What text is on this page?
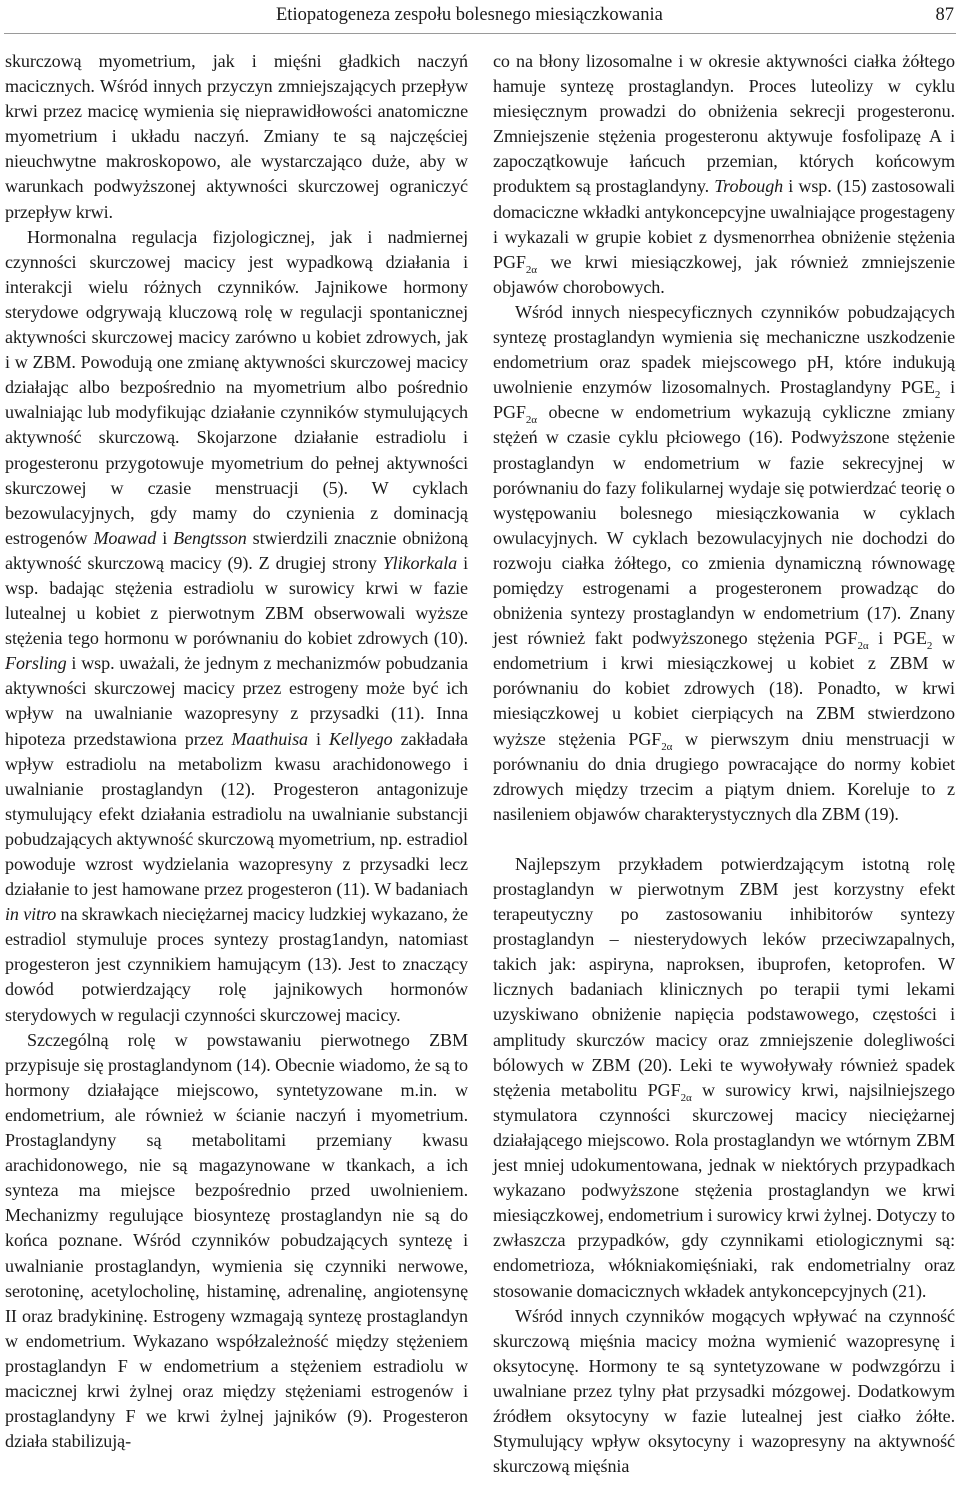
Etiopatogeneza zespołu bolesnego miesiączkowania	87

skurczową myometrium, jak i mięśni gładkich naczyń macicznych. Wśród innych przyczyn zmniejszających przepływ krwi przez macicę wymienia się nieprawidłowości anatomiczne myometrium i układu naczyń. Zmiany te są najczęściej nieuchwytne makroskopowo, ale wystarczająco duże, aby w warunkach podwyższonej aktywności skurczowej ograniczyć przepływ krwi.

Hormonalna regulacja fizjologicznej, jak i nadmiernej czynności skurczowej macicy jest wypadkową działania i interakcji wielu różnych czynników. Jajnikowe hormony sterydowe odgrywają kluczową rolę w regulacji spontanicznej aktywności skurczowej macicy zarówno u kobiet zdrowych, jak i w ZBM. Powodują one zmianę aktywności skurczowej macicy działając albo bezpośrednio na myometrium albo pośrednio uwalniając lub modyfikując działanie czynników stymulujących aktywność skurczową. Skojarzone działanie estradiolu i progesteronu przygotowuje myometrium do pełnej aktywności skurczowej w czasie menstruacji (5). W cyklach bezowulacyjnych, gdy mamy do czynienia z dominacją estrogenów Moawad i Bengtsson stwierdzili znacznie obniżoną aktywność skurczową macicy (9). Z drugiej strony Ylikorkala i wsp. badając stężenia estradiolu w surowicy krwi w fazie lutealnej u kobiet z pierwotnym ZBM obserwowali wyższe stężenia tego hormonu w porównaniu do kobiet zdrowych (10). Forsling i wsp. uważali, że jednym z mechanizmów pobudzania aktywności skurczowej macicy przez estrogeny może być ich wpływ na uwalnianie wazopresyny z przysadki (11). Inna hipoteza przedstawiona przez Maathuisa i Kellyego zakładała wpływ estradiolu na metabolizm kwasu arachidonowego i uwalnianie prostaglandyn (12). Progesteron antagonizuje stymulujący efekt działania estradiolu na uwalnianie substancji pobudzających aktywność skurczową myometrium, np. estradiol powoduje wzrost wydzielania wazopresyny z przysadki lecz działanie to jest hamowane przez progesteron (11). W badaniach in vitro na skrawkach nieciężarnej macicy ludzkiej wykazano, że estradiol stymuluje proces syntezy prostag1andyn, natomiast progesteron jest czynnikiem hamującym (13). Jest to znaczący dowód potwierdzający rolę jajnikowych hormonów sterydowych w regulacji czynności skurczowej macicy.

Szczególną rolę w powstawaniu pierwotnego ZBM przypisuje się prostaglandynom (14). Obecnie wiadomo, że są to hormony działające miejscowo, syntetyzowane m.in. w endometrium, ale również w ścianie naczyń i myometrium. Prostaglandyny są metabolitami przemiany kwasu arachidonowego, nie są magazynowane w tkankach, a ich synteza ma miejsce bezpośrednio przed uwolnieniem. Mechanizmy regulujące biosyntezę prostaglandyn nie są do końca poznane. Wśród czynników pobudzających syntezę i uwalnianie prostaglandyn, wymienia się czynniki nerwowe, serotoninę, acetylocholinę, histaminę, adrenalinę, angiotensynę II oraz bradykininę. Estrogeny wzmagają syntezę prostaglandyn w endometrium. Wykazano współzależność między stężeniem prostaglandyn F w endometrium a stężeniem estradiolu w macicznej krwi żylnej oraz między stężeniami estrogenów i prostaglandyny F we krwi żylnej jajników (9). Progesteron działa stabilizują-

co na błony lizosomalne i w okresie aktywności ciałka żółtego hamuje syntezę prostaglandyn. Proces luteolizy w cyklu miesięcznym prowadzi do obniżenia sekrecji progesteronu. Zmniejszenie stężenia progesteronu aktywuje fosfolipazę A i zapoczątkowuje łańcuch przemian, których końcowym produktem są prostaglandyny. Trobough i wsp. (15) zastosowali domaciczne wkładki antykoncepcyjne uwalniające progestageny i wykazali w grupie kobiet z dysmenorrhea obniżenie stężenia $PGF_{2\alpha}$ we krwi miesiączkowej, jak również zmniejszenie objawów chorobowych.

Wśród innych niespecyficznych czynników pobudzających syntezę prostaglandyn wymienia się mechaniczne uszkodzenie endometrium oraz spadek miejscowego pH, które indukują uwolnienie enzymów lizosomalnych. Prostaglandyny $PGE_2$ i $PGF_{2\alpha}$ obecne w endometrium wykazują cykliczne zmiany stężeń w czasie cyklu płciowego (16). Podwyższone stężenie prostaglandyn w endometrium w fazie sekrecyjnej w porównaniu do fazy folikularnej wydaje się potwierdzać teorię o występowaniu bolesnego miesiączkowania w cyklach owulacyjnych. W cyklach bezowulacyjnych nie dochodzi do rozwoju ciałka żółtego, co zmienia dynamiczną równowagę pomiędzy estrogenami a progesteronem prowadząc do obniżenia syntezy prostaglandyn w endometrium (17). Znany jest również fakt podwyższonego stężenia $PGF_{2\alpha}$ i $PGE_2$ w endometrium i krwi miesiączkowej u kobiet z ZBM w porównaniu do kobiet zdrowych (18). Ponadto, w krwi miesiączkowej u kobiet cierpiących na ZBM stwierdzono wyższe stężenia $PGF_{2\alpha}$ w pierwszym dniu menstruacji w porównaniu do dnia drugiego powracające do normy kobiet zdrowych między trzecim a piątym dniem. Koreluje to z nasileniem objawów charakterystycznych dla ZBM (19).

Najlepszym przykładem potwierdzającym istotną rolę prostaglandyn w pierwotnym ZBM jest korzystny efekt terapeutyczny po zastosowaniu inhibitorów syntezy prostaglandyn – niesterydowych leków przeciwzapalnych, takich jak: aspiryna, naproksen, ibuprofen, ketoprofen. W licznych badaniach klinicznych po terapii tymi lekami uzyskiwano obniżenie napięcia podstawowego, częstości i amplitudy skurczów macicy oraz zmniejszenie dolegliwości bólowych w ZBM (20). Leki te wywoływały również spadek stężenia metabolitu $PGF_{2\alpha}$ w surowicy krwi, najsilniejszego stymulatora czynności skurczowej macicy nieciężarnej działającego miejscowo. Rola prostaglandyn we wtórnym ZBM jest mniej udokumentowana, jednak w niektórych przypadkach wykazano podwyższone stężenia prostaglandyn we krwi miesiączkowej, endometrium i surowicy krwi żylnej. Dotyczy to zwłaszcza przypadków, gdy czynnikami etiologicznymi są: endometrioza, włókniakomięśniaki, rak endometrialny oraz stosowanie domacicznych wkładek antykoncepcyjnych (21).

Wśród innych czynników mogących wpływać na czynność skurczową mięśnia macicy można wymienić wazopresynę i oksytocynę. Hormony te są syntetyzowane w podwzgórzu i uwalniane przez tylny płat przysadki mózgowej. Dodatkowym źródłem oksytocyny w fazie lutealnej jest ciałko żółte. Stymulujący wpływ oksytocyny i wazopresyny na aktywność skurczową mięśnia
